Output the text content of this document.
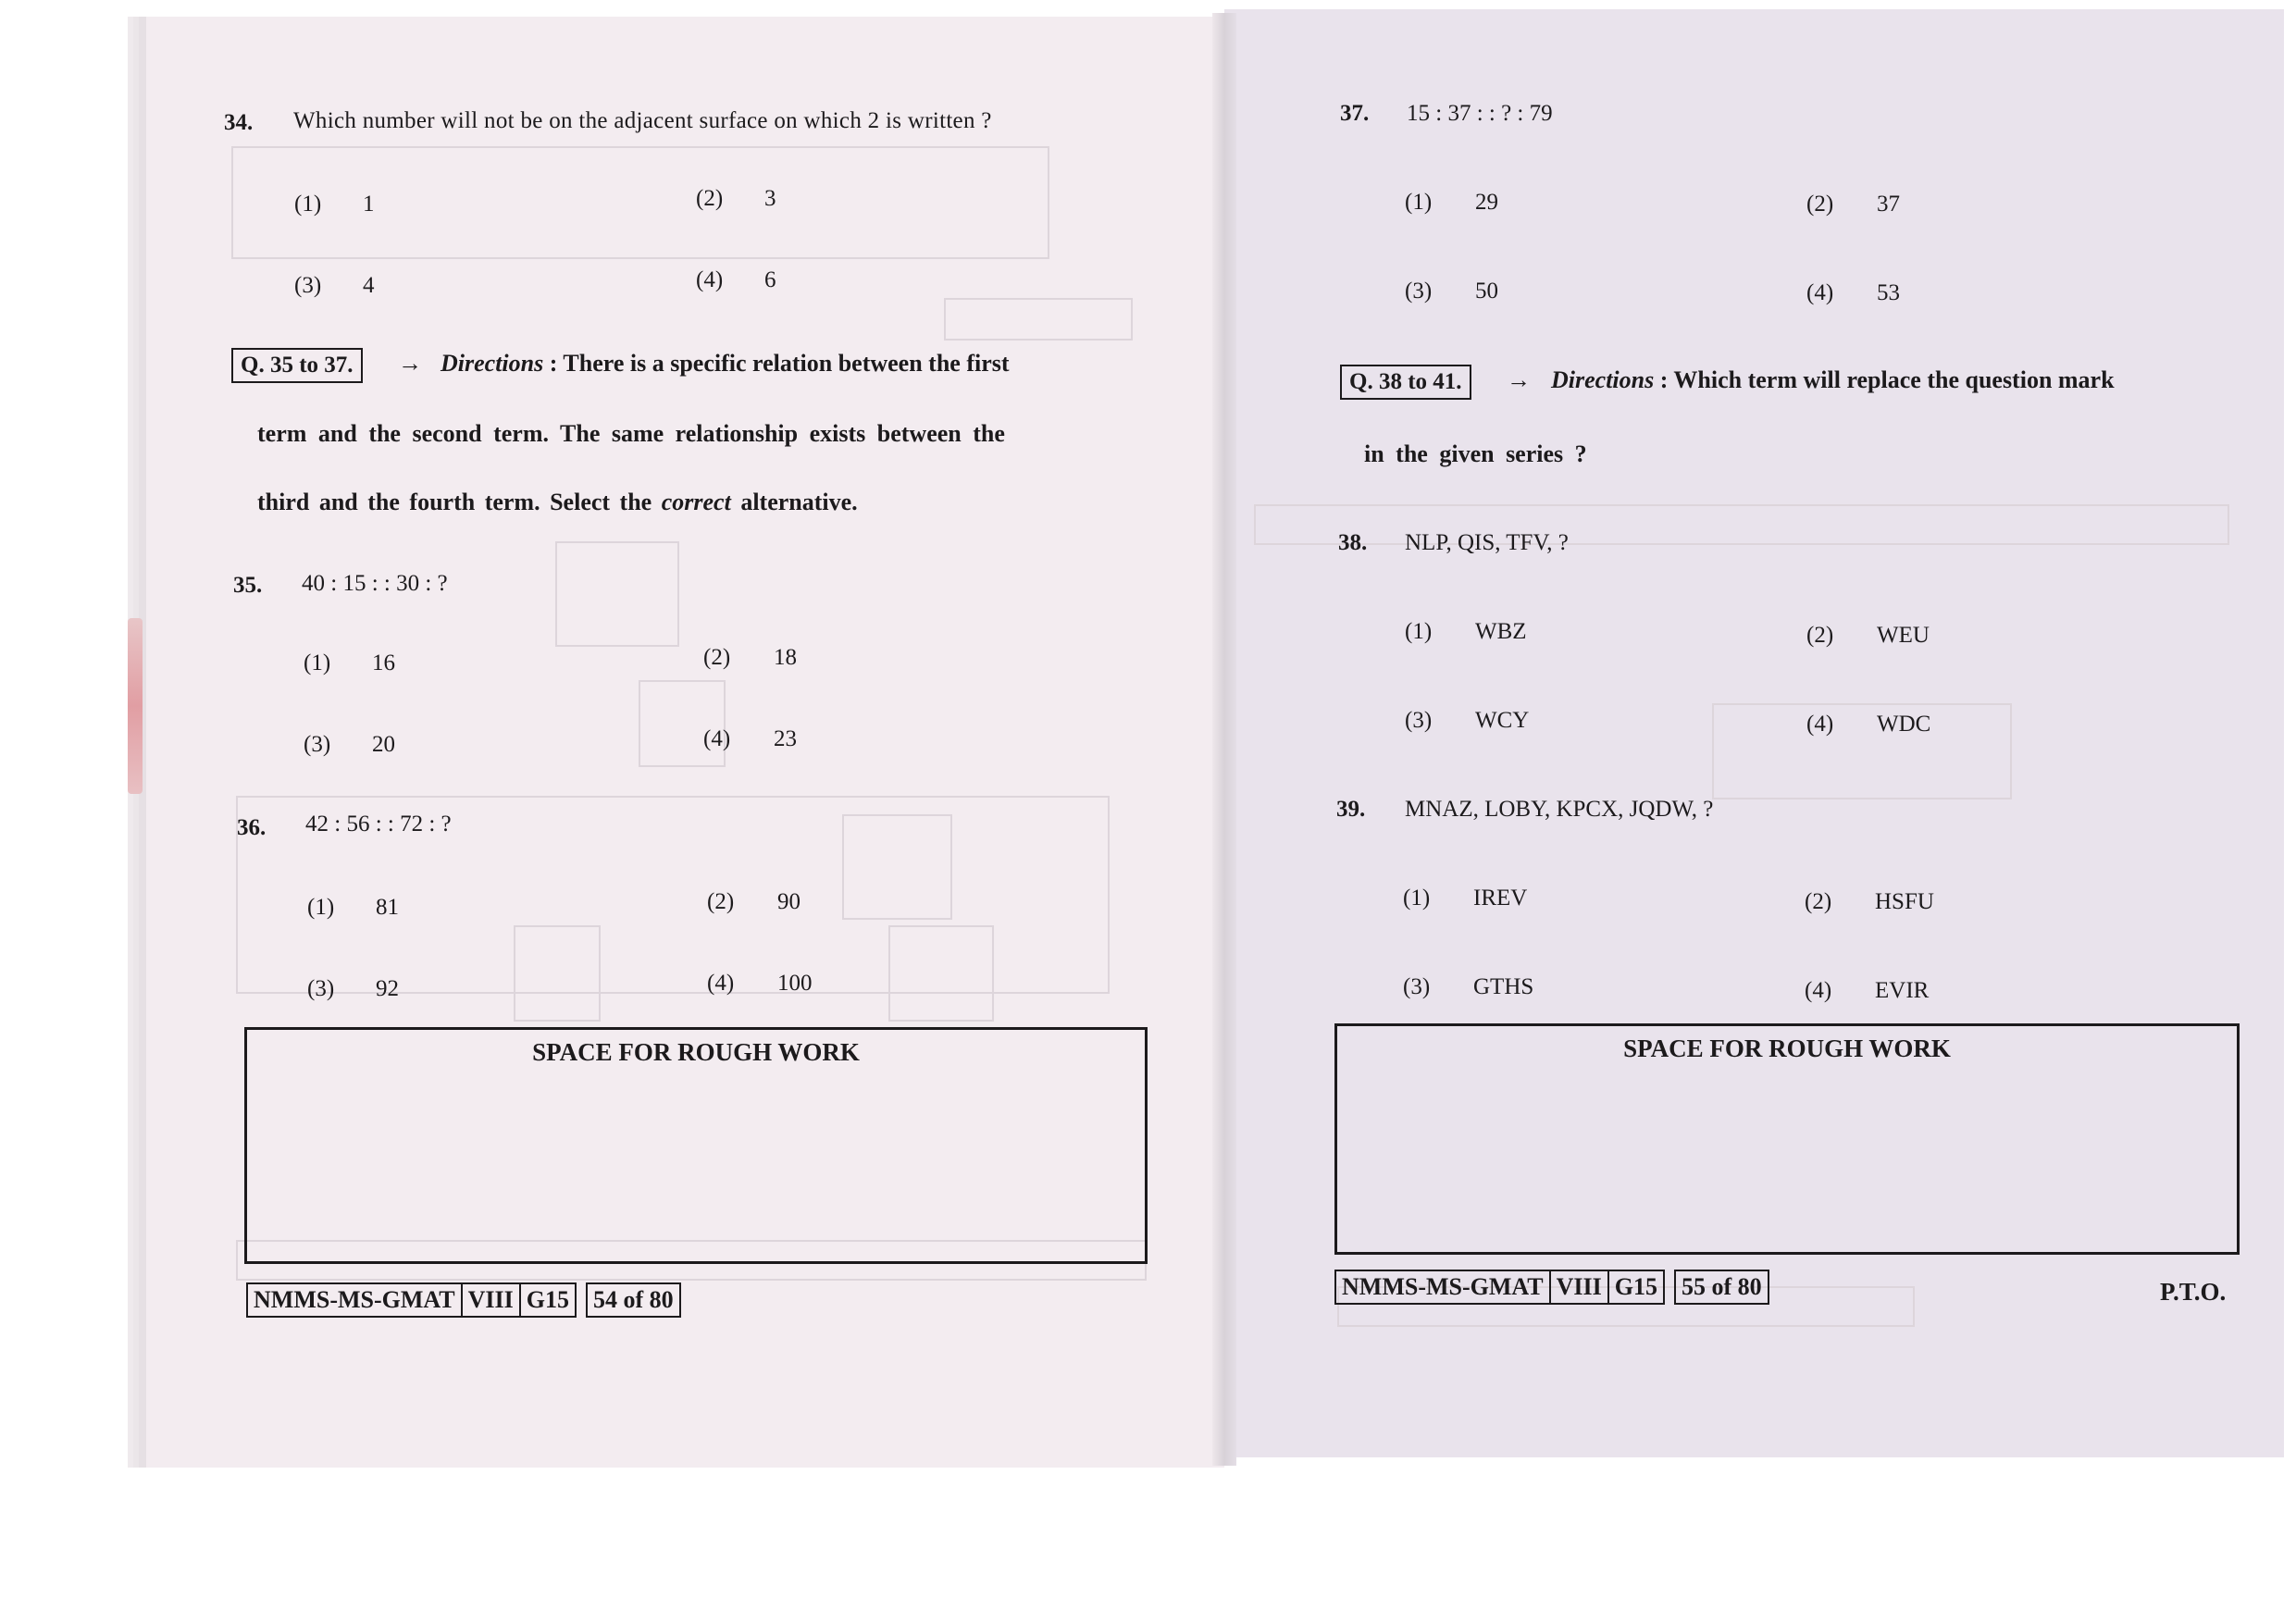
34. Which number will not be on the adjacent surface on which 2 is written ?
(1) 1	(2) 3
(3) 4	(4) 6
Q. 35 to 37.	→ Directions : There is a specific relation between the first
term and the second term. The same relationship exists between the
third and the fourth term. Select the correct alternative.
35. 40 : 15 : : 30 : ?
(1) 16	(2) 18
(3) 20	(4) 23
36. 42 : 56 : : 72 : ?
(1) 81	(2) 90
(3) 92	(4) 100
SPACE FOR ROUGH WORK
NMMS-MS-GMAT VIII G15	54 of 80
37. 15 : 37 : : ? : 79
(1) 29	(2) 37
(3) 50	(4) 53
Q. 38 to 41.	→ Directions : Which term will replace the question mark
in the given series ?
38. NLP, QIS, TFV, ?
(1) WBZ	(2) WEU
(3) WCY	(4) WDC
39. MNAZ, LOBY, KPCX, JQDW, ?
(1) IREV	(2) HSFU
(3) GTHS	(4) EVIR
SPACE FOR ROUGH WORK
NMMS-MS-GMAT VIII G15	55 of 80	P.T.O.
